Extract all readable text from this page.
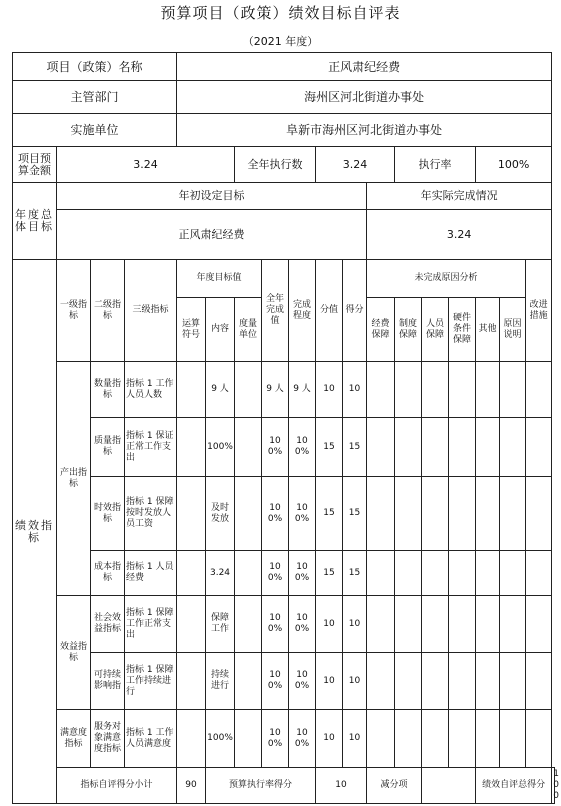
预算项目（政策）绩效目标自评表
（2021 年度）
项目（政策）名称				正风肃纪经费														
主管部门				海州区河北街道办事处														
实施单位				阜新市海州区河北街道办事处														
项目预算金额	3.24					全年执行数			3.24			执行率			100%			
年度总体目标	年初设定目标										年实际完成情况							
	正风肃纪经费										3.24							
绩效指标	一级指标	二级指标	三级指标	年度目标值			全年完成值	完成程度	分值	得分	未完成原因分析						改进措施	
				运算符号	内容	度量单位					经费保障	制度保障	人员保障	硬件条件保障	其他	原因说明		
	产出指标	数量指标	指标 1 工作人员人数		9 人		9 人	9 人	10	10								
		质量指标	指标 1 保证正常工作支出		100%		100%	100%	15	15								
		时效指标	指标 1 保障按时发放人员工资		及时发放		100%	100%	15	15								
		成本指标	指标 1 人员经费		3.24		100%	100%	15	15								
	效益指标	社会效益指标	指标 1 保障工作正常支出		保障工作		100%	100%	10	10								
		可持续影响指	指标 1 保障工作持续进行		持续进行		100%	100%	10	10								
	满意度指标	服务对象满意度指标	指标 1 工作人员满意度		100%		100%	100%	10	10								
	指标自评得分小计			90	预算执行率得分				10		减分项				绩效自评总得分			100
